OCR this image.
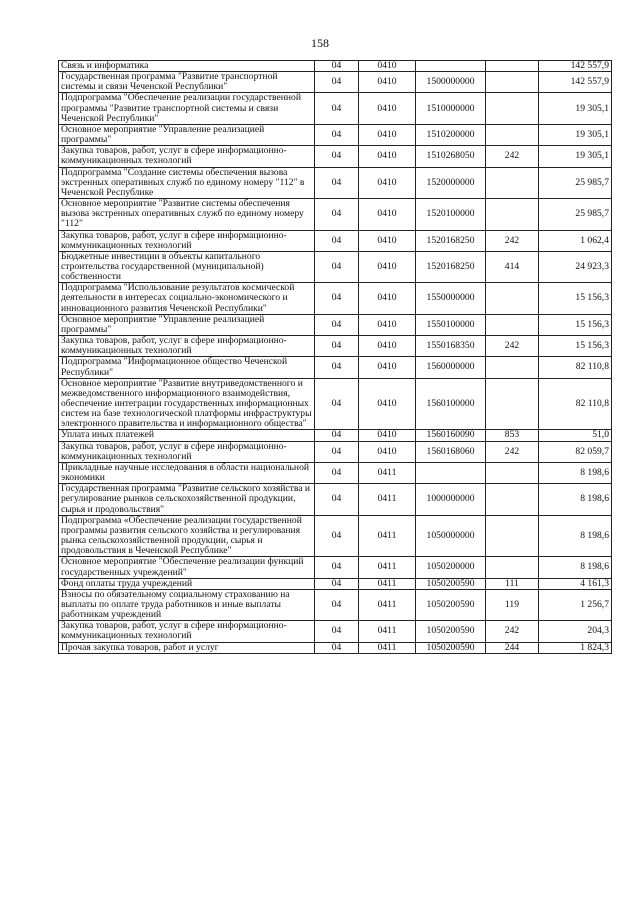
158
Связь и информатика	04	0410			142 557,9
Государственная программа "Развитие транспортной системы и связи Чеченской Республики"	04	0410	1500000000		142 557,9
Подпрограмма "Обеспечение реализации государственной программы "Развитие транспортной системы и связи Чеченской Республики"	04	0410	1510000000		19 305,1
Основное мероприятие "Управление реализацией программы"	04	0410	1510200000		19 305,1
Закупка товаров, работ, услуг в сфере информационно-коммуникационных технологий	04	0410	1510268050	242	19 305,1
Подпрограмма "Создание системы обеспечения вызова экстренных оперативных служб по единому номеру "112" в Чеченской Республике	04	0410	1520000000		25 985,7
Основное мероприятие "Развитие системы обеспечения вызова экстренных оперативных служб по единому номеру "112"	04	0410	1520100000		25 985,7
Закупка товаров, работ, услуг в сфере информационно-коммуникационных технологий	04	0410	1520168250	242	1 062,4
Бюджетные инвестиции в объекты капитального строительства государственной (муниципальной) собственности	04	0410	1520168250	414	24 923,3
Подпрограмма "Использование результатов космической деятельности в интересах социально-экономического и инновационного развития Чеченской Республики"	04	0410	1550000000		15 156,3
Основное мероприятие "Управление реализацией программы"	04	0410	1550100000		15 156,3
Закупка товаров, работ, услуг в сфере информационно-коммуникационных технологий	04	0410	1550168350	242	15 156,3
Подпрограмма "Информационное общество Чеченской Республики"	04	0410	1560000000		82 110,8
Основное мероприятие "Развитие внутриведомственного и межведомственного информационного взаимодействия, обеспечение интеграции государственных информационных систем на базе технологической платформы инфраструктуры электронного правительства и информационного общества"	04	0410	1560100000		82 110,8
Уплата иных платежей	04	0410	1560160090	853	51,0
Закупка товаров, работ, услуг в сфере информационно-коммуникационных технологий	04	0410	1560168060	242	82 059,7
Прикладные научные исследования в области национальной экономики	04	0411			8 198,6
Государственная программа "Развитие сельского хозяйства и регулирование рынков сельскохозяйственной продукции, сырья и продовольствия"	04	0411	1000000000		8 198,6
Подпрограмма «Обеспечение реализации государственной программы развития сельского хозяйства и регулирования рынка сельскохозяйственной продукции, сырья и продовольствия в Чеченской Республике"	04	0411	1050000000		8 198,6
Основное мероприятие "Обеспечение реализации функций государственных учреждений"	04	0411	1050200000		8 198,6
Фонд оплаты труда учреждений	04	0411	1050200590	111	4 161,3
Взносы по обязательному социальному страхованию на выплаты по оплате труда работников и иные выплаты работникам учреждений	04	0411	1050200590	119	1 256,7
Закупка товаров, работ, услуг в сфере информационно-коммуникационных технологий	04	0411	1050200590	242	204,3
Прочая закупка товаров, работ и услуг	04	0411	1050200590	244	1 824,3
